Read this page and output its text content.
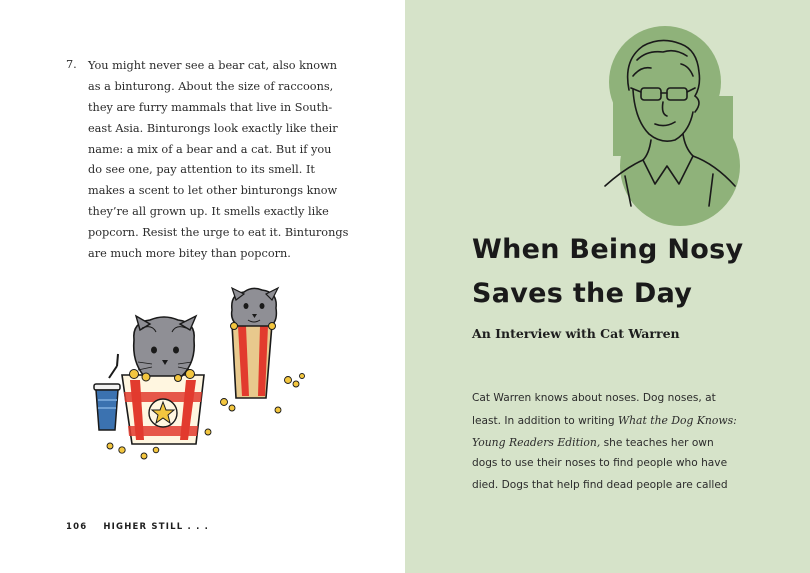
7. You might never see a bear cat, also known
as a binturong. About the size of raccoons,
they are furry mammals that live in South-
east Asia. Binturongs look exactly like their
name: a mix of a bear and a cat. But if you
do see one, pay attention to its smell. It
makes a scent to let other binturongs know
they’re all grown up. It smells exactly like
popcorn. Resist the urge to eat it. Binturongs
are much more bitey than popcorn.
106 HIGHER STILL . . .
8
When Being Nosy
Saves the Day
An Interview with Cat Warren
Cat Warren knows about noses. Dog noses, at
least. In addition to writing What the Dog Knows:
Young Readers Edition, she teaches her own
dogs to use their noses to find people who have
died. Dogs that help find dead people are called
